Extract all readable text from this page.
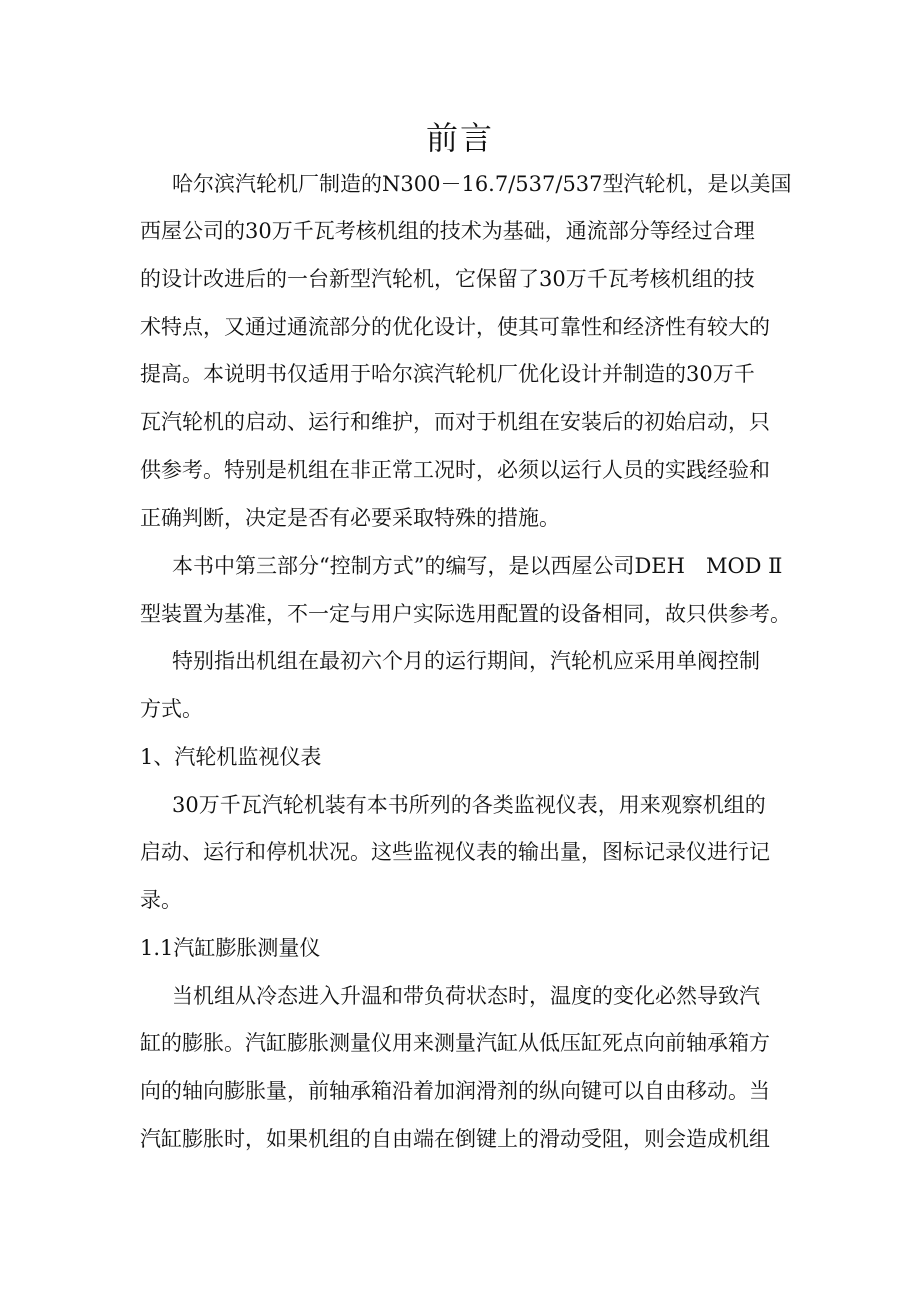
前言
哈尔滨汽轮机厂制造的N300－16.7/537/537型汽轮机，是以美国
西屋公司的30万千瓦考核机组的技术为基础，通流部分等经过合理
的设计改进后的一台新型汽轮机，它保留了30万千瓦考核机组的技
术特点，又通过通流部分的优化设计，使其可靠性和经济性有较大的
提高。本说明书仅适用于哈尔滨汽轮机厂优化设计并制造的30万千
瓦汽轮机的启动、运行和维护，而对于机组在安装后的初始启动，只
供参考。特别是机组在非正常工况时，必须以运行人员的实践经验和
正确判断，决定是否有必要采取特殊的措施。
本书中第三部分“控制方式”的编写，是以西屋公司DEH　MOD Ⅱ
型装置为基准，不一定与用户实际选用配置的设备相同，故只供参考。
特别指出机组在最初六个月的运行期间，汽轮机应采用单阀控制
方式。
1、汽轮机监视仪表
30万千瓦汽轮机装有本书所列的各类监视仪表，用来观察机组的
启动、运行和停机状况。这些监视仪表的输出量，图标记录仪进行记
录。
1.1汽缸膨胀测量仪
当机组从冷态进入升温和带负荷状态时，温度的变化必然导致汽
缸的膨胀。汽缸膨胀测量仪用来测量汽缸从低压缸死点向前轴承箱方
向的轴向膨胀量，前轴承箱沿着加润滑剂的纵向键可以自由移动。当
汽缸膨胀时，如果机组的自由端在倒键上的滑动受阻，则会造成机组
